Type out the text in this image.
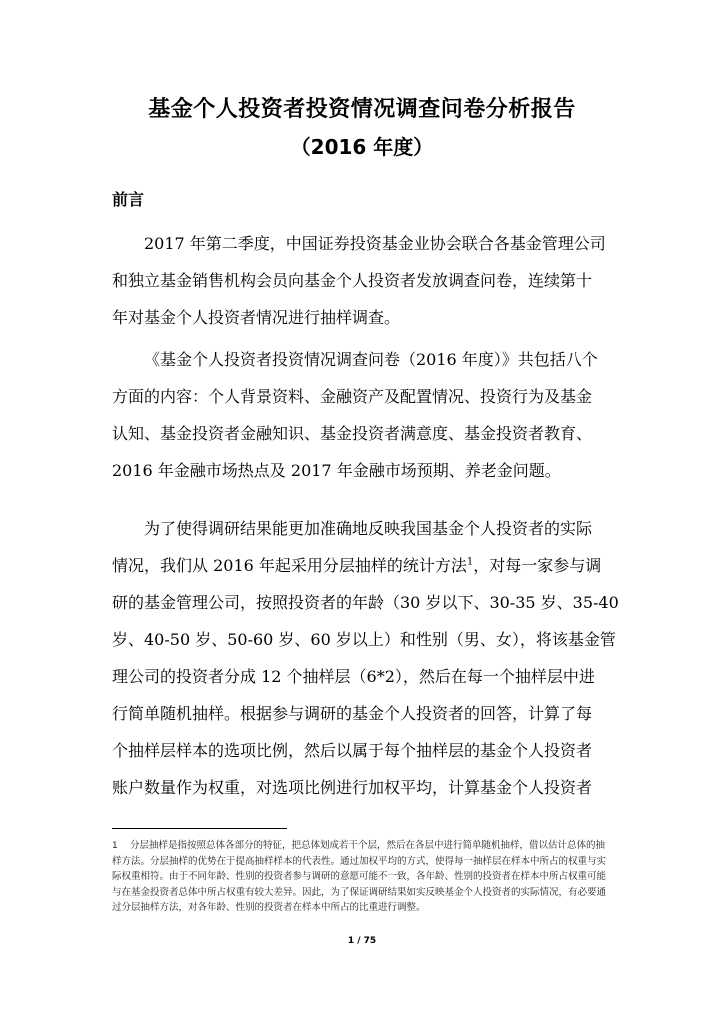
基金个人投资者投资情况调查问卷分析报告
（2016 年度）
前言
2017 年第二季度，中国证券投资基金业协会联合各基金管理公司
和独立基金销售机构会员向基金个人投资者发放调查问卷，连续第十
年对基金个人投资者情况进行抽样调查。
《基金个人投资者投资情况调查问卷（2016 年度）》共包括八个
方面的内容：个人背景资料、金融资产及配置情况、投资行为及基金
认知、基金投资者金融知识、基金投资者满意度、基金投资者教育、
2016 年金融市场热点及 2017 年金融市场预期、养老金问题。
为了使得调研结果能更加准确地反映我国基金个人投资者的实际
情况，我们从 2016 年起采用分层抽样的统计方法$^1$，对每一家参与调
研的基金管理公司，按照投资者的年龄（30 岁以下、30-35 岁、35-40
岁、40-50 岁、50-60 岁、60 岁以上）和性别（男、女），将该基金管
理公司的投资者分成 12 个抽样层（6*2），然后在每一个抽样层中进
行简单随机抽样。根据参与调研的基金个人投资者的回答，计算了每
个抽样层样本的选项比例，然后以属于每个抽样层的基金个人投资者
账户数量作为权重，对选项比例进行加权平均，计算基金个人投资者
1 分层抽样是指按照总体各部分的特征，把总体划成若干个层，然后在各层中进行简单随机抽样，借以估计总体的抽样方法。分层抽样的优势在于提高抽样样本的代表性。通过加权平均的方式，使得每一抽样层在样本中所占的权重与实际权重相符。由于不同年龄、性别的投资者参与调研的意愿可能不一致，各年龄、性别的投资者在样本中所占权重可能与在基金投资者总体中所占权重有较大差异。因此，为了保证调研结果如实反映基金个人投资者的实际情况，有必要通过分层抽样方法，对各年龄、性别的投资者在样本中所占的比重进行调整。
1 / 75
